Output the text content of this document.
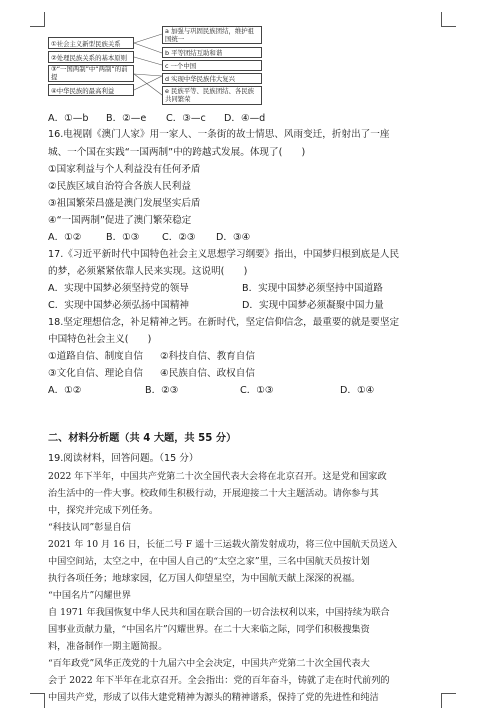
①社会主义新型民族关系
②处理民族关系的基本原则
③“一国两制”中“两制”的前提
④中华民族的最高利益
a 加强与巩固民族团结，维护祖国统一
b 平等团结互助和谐
c 一个中国
d 实现中华民族伟大复兴
e 民族平等、民族团结、各民族共同繁荣
A．①—b B．②—e C．③—c D．④—d
16.电视剧《澳门人家》用一家人、一条街的故士情思、风雨变迁，折射出了一座
城、一个国在实践“一国两制”中的跨越式发展。体现了(　　)
①国家利益与个人利益没有任何矛盾
②民族区域自治符合各族人民利益
③祖国繁荣昌盛是澳门发展坚实后盾
④“一国两制”促进了澳门繁荣稳定
A．①②	B．①③ C．②③ D．③④
17.《习近平新时代中国特色社会主义思想学习纲要》指出，中国梦归根到底是人民
的梦，必须紧紧依靠人民来实现。这说明(　　)
A．实现中国梦必须坚持党的领导	B．实现中国梦必须坚持中国道路
C．实现中国梦必须弘扬中国精神	D．实现中国梦必须凝聚中国力量
18.坚定理想信念，补足精神之钙。在新时代，坚定信仰信念，最重要的就是要坚定
中国特色社会主义(　　)
①道路自信、制度自信 ②科技自信、教育自信
③文化自信、理论自信 ④民族自信、政权自信
A．①②	B．②③	C．①③	D．①④
二、材料分析题（共 4 大题，共 55 分）
19.阅读材料，回答问题。（15 分）
2022 年下半年，中国共产党第二十次全国代表大会将在北京召开。这是党和国家政
治生活中的一件大事。校政师生积极行动，开展迎接二十大主题活动。请你参与其
中，探究并完成下列任务。
“科技认同”彰显自信
2021 年 10 月 16 日，长征二号 F 遥十三运载火箭发射成功，将三位中国航天员送入
中国空间站，太空之中，在中国人自己的“太空之家”里，三名中国航天员按计划
执行各项任务；地球家园，亿万国人仰望星空，为中国航天献上深深的祝福。
“中国名片”闪耀世界
自 1971 年我国恢复中华人民共和国在联合国的一切合法权利以来，中国持续为联合
国事业贡献力量，“中国名片”闪耀世界。在二十大来临之际，同学们积极搜集资
料，准备制作一期主题简报。
“百年政党”风华正茂党的十九届六中全会决定，中国共产党第二十次全国代表大
会于 2022 年下半年在北京召开。全会指出：党的百年奋斗，铸就了走在时代前列的
中国共产党，形成了以伟大建党精神为源头的精神谱系，保持了党的先进性和纯洁
